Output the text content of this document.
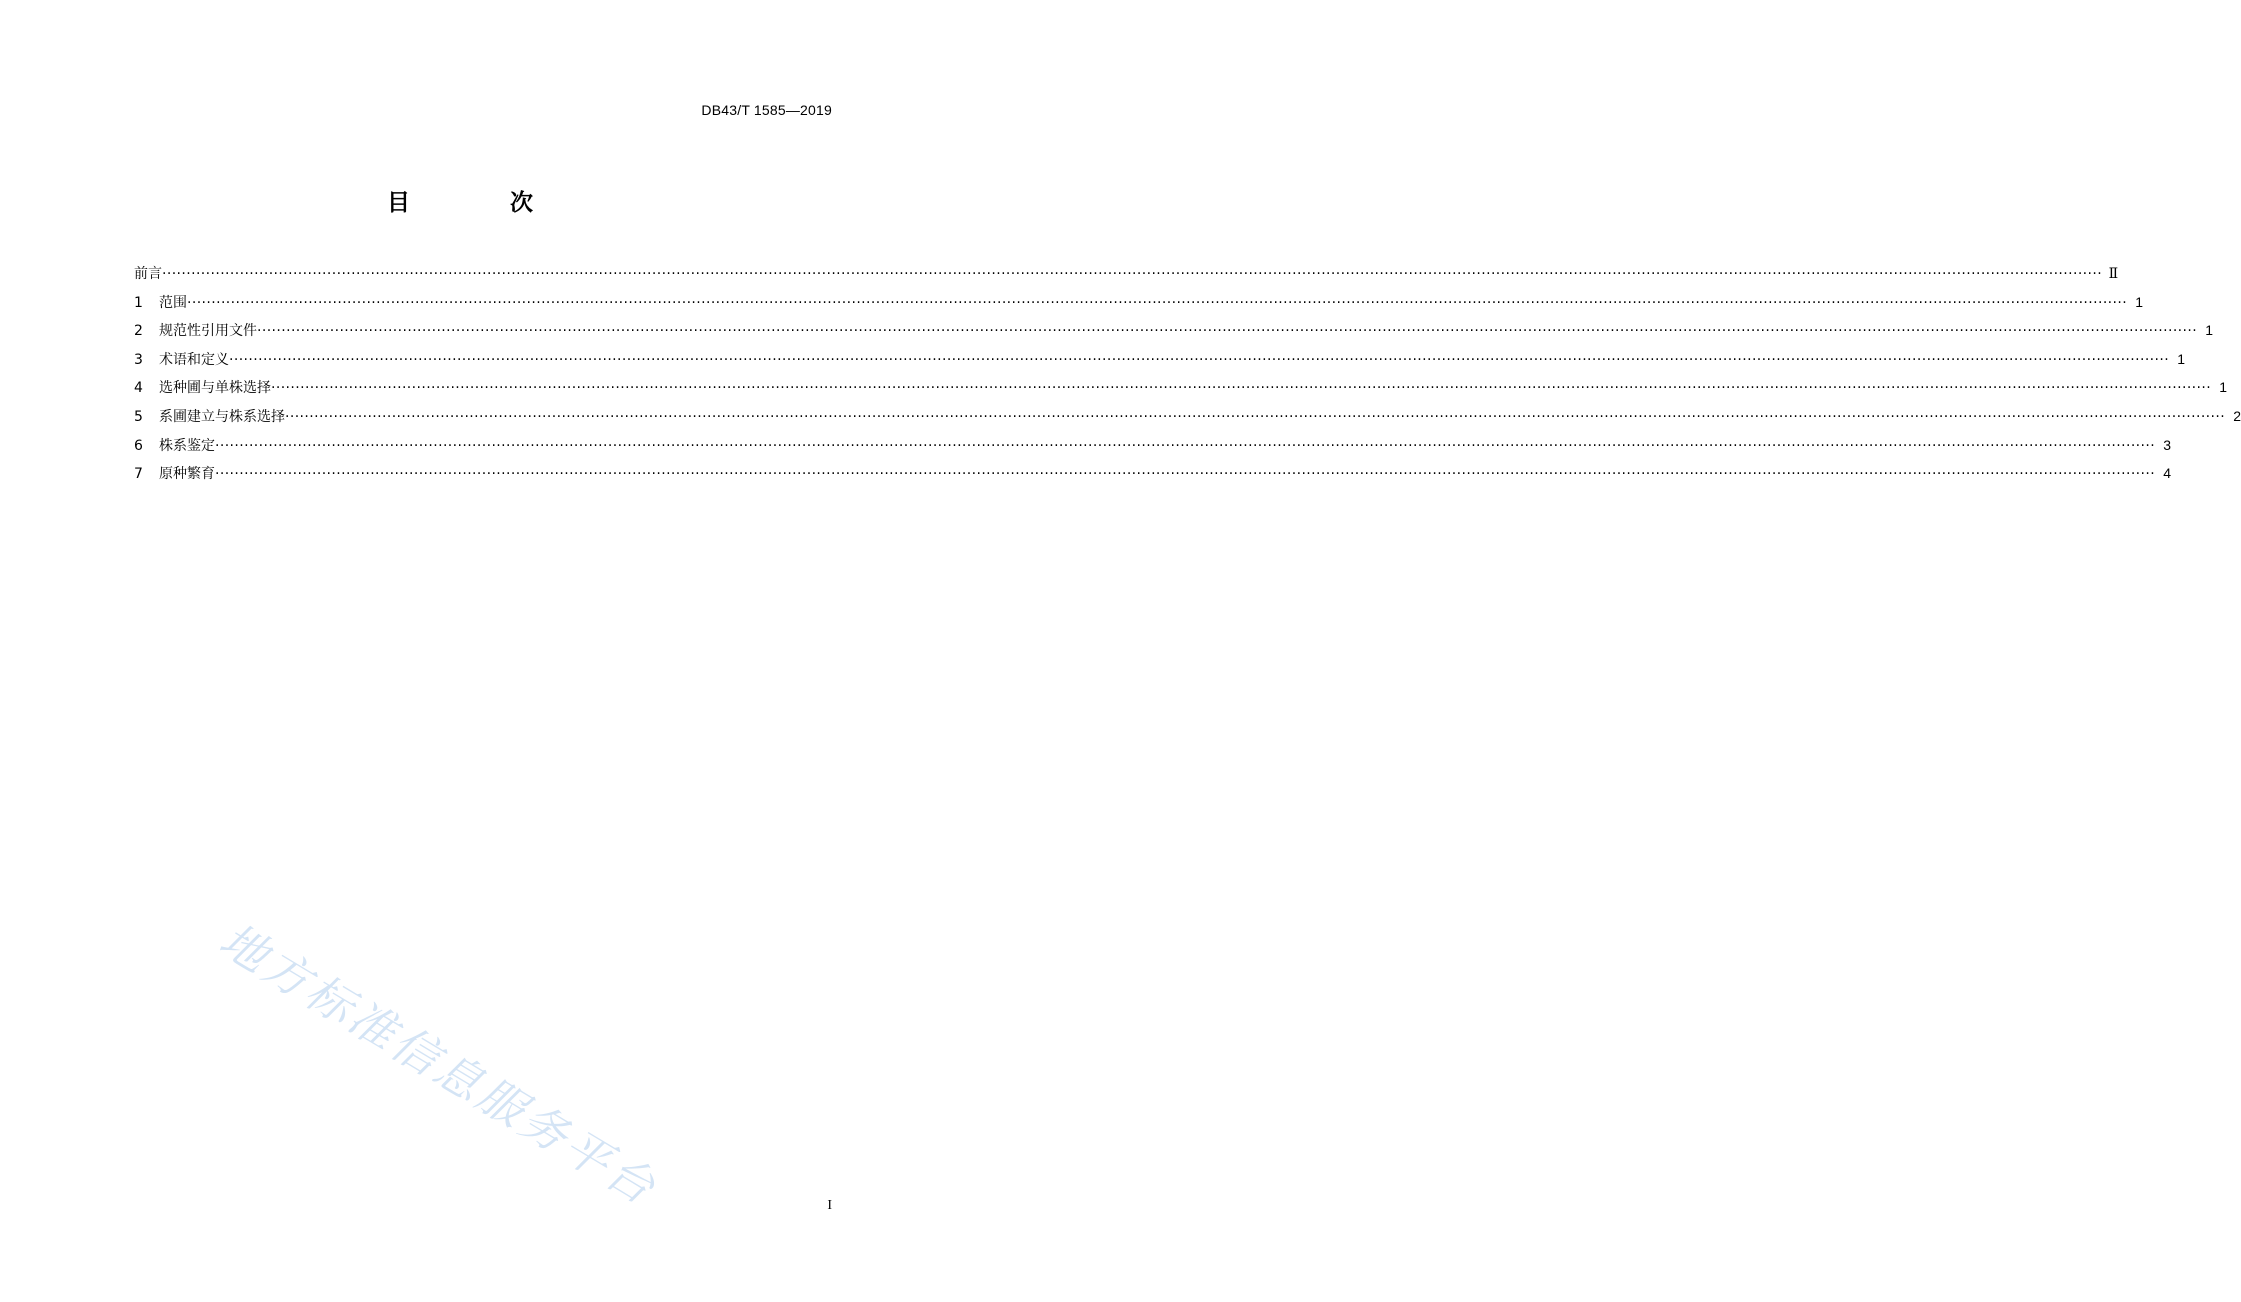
DB43/T 1585—2019
目 次
前言 ················································································································································································································································································································································································································ Ⅱ
1	范围 ················································································································································································································································································································································································································ 1
2	规范性引用文件 ················································································································································································································································································································································································································ 1
3	术语和定义 ················································································································································································································································································································································································································ 1
4	选种圃与单株选择 ················································································································································································································································································································································································································ 1
5	系圃建立与株系选择 ················································································································································································································································································································································································································ 2
6	株系鉴定 ················································································································································································································································································································································································································ 3
7	原种繁育 ················································································································································································································································································································································································································ 4
地方标准信息服务平台	I
